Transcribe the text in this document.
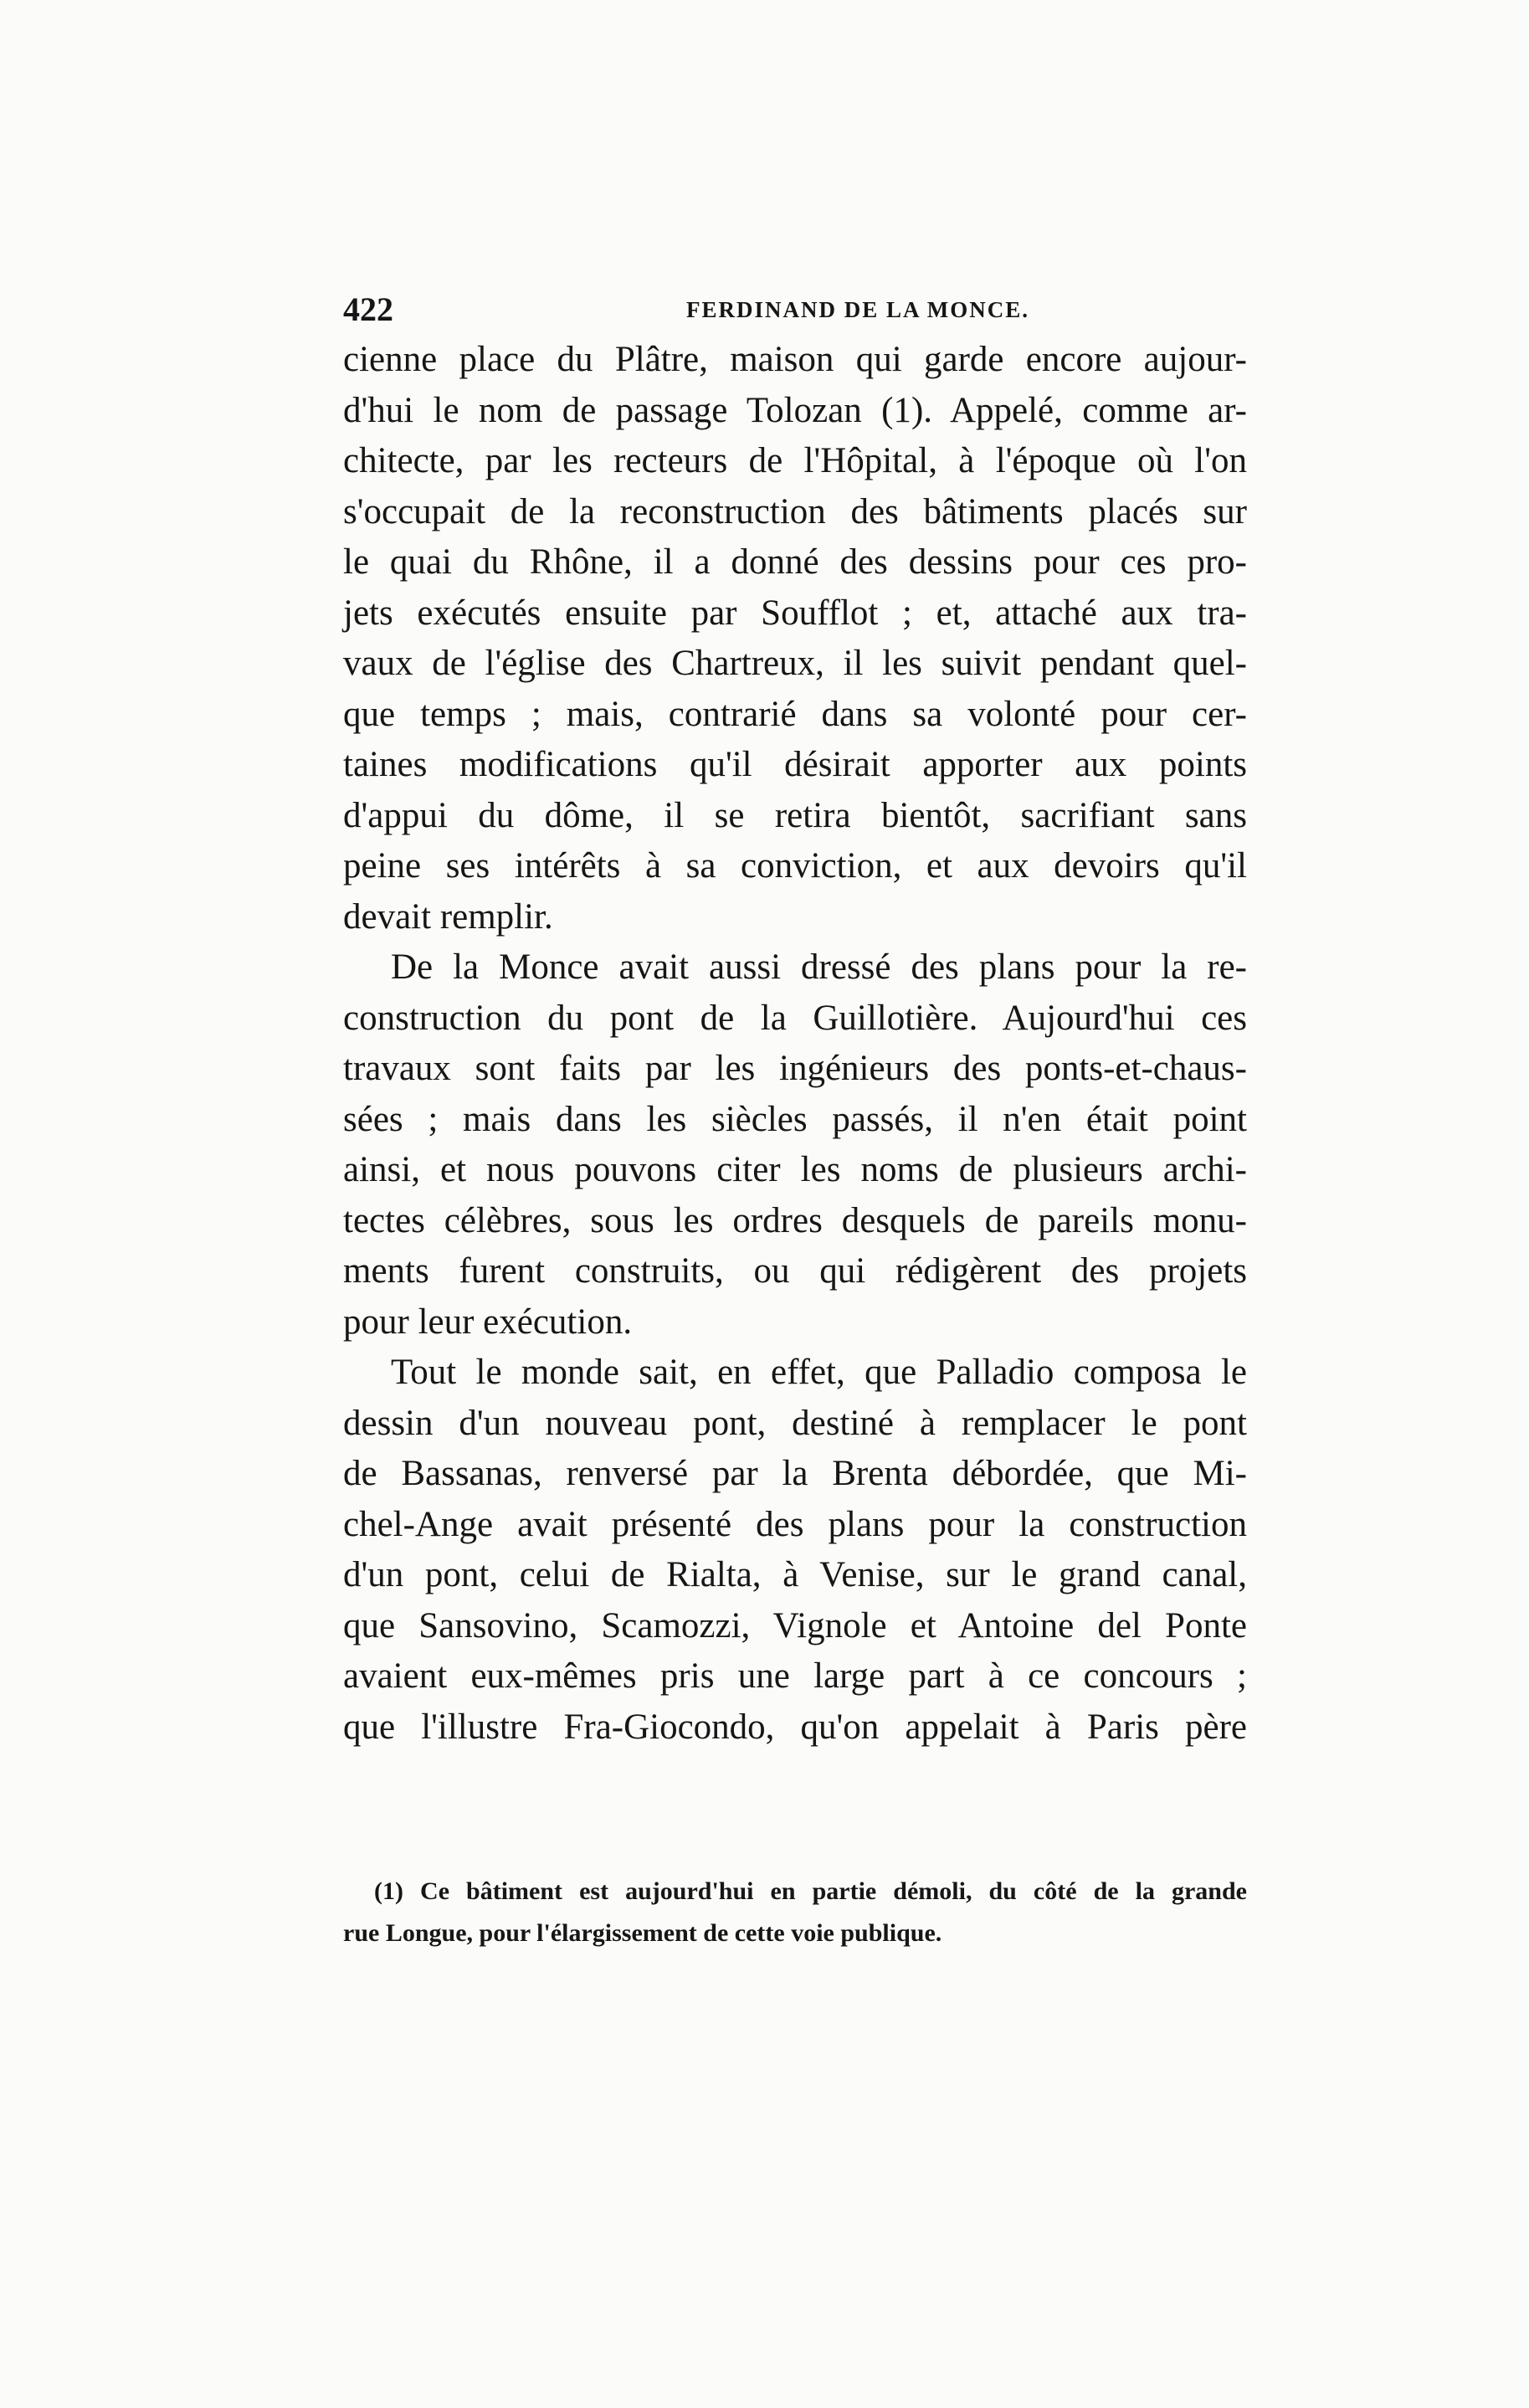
422	FERDINAND DE LA MONCE.
cienne place du Plâtre, maison qui garde encore aujour-
d'hui le nom de passage Tolozan (1). Appelé, comme ar-
chitecte, par les recteurs de l'Hôpital, à l'époque où l'on
s'occupait de la reconstruction des bâtiments placés sur
le quai du Rhône, il a donné des dessins pour ces pro-
jets exécutés ensuite par Soufflot ; et, attaché aux tra-
vaux de l'église des Chartreux, il les suivit pendant quel-
que temps ; mais, contrarié dans sa volonté pour cer-
taines modifications qu'il désirait apporter aux points
d'appui du dôme, il se retira bientôt, sacrifiant sans
peine ses intérêts à sa conviction, et aux devoirs qu'il
devait remplir.
De la Monce avait aussi dressé des plans pour la re-
construction du pont de la Guillotière. Aujourd'hui ces
travaux sont faits par les ingénieurs des ponts-et-chaus-
sées ; mais dans les siècles passés, il n'en était point
ainsi, et nous pouvons citer les noms de plusieurs archi-
tectes célèbres, sous les ordres desquels de pareils monu-
ments furent construits, ou qui rédigèrent des projets
pour leur exécution.
Tout le monde sait, en effet, que Palladio composa le
dessin d'un nouveau pont, destiné à remplacer le pont
de Bassanas, renversé par la Brenta débordée, que Mi-
chel-Ange avait présenté des plans pour la construction
d'un pont, celui de Rialta, à Venise, sur le grand canal,
que Sansovino, Scamozzi, Vignole et Antoine del Ponte
avaient eux-mêmes pris une large part à ce concours ;
que l'illustre Fra-Giocondo, qu'on appelait à Paris père
(1) Ce bâtiment est aujourd'hui en partie démoli, du côté de la grande
rue Longue, pour l'élargissement de cette voie publique.
